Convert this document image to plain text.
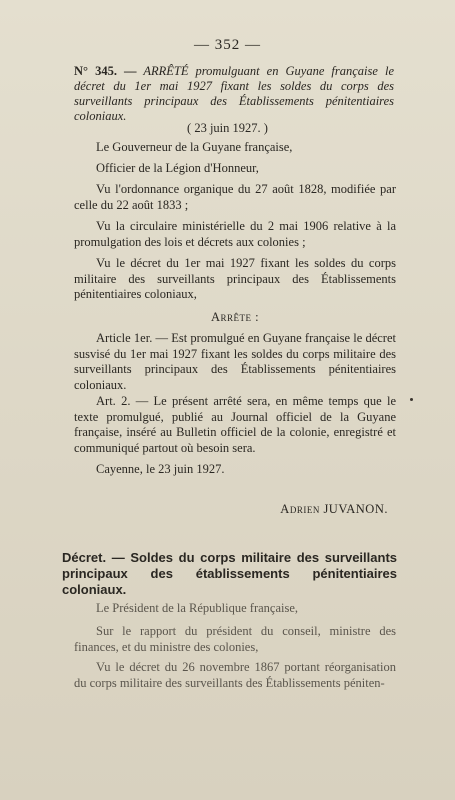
— 352 —
N° 345. — ARRÊTÉ promulguant en Guyane française le décret du 1er mai 1927 fixant les soldes du corps des surveillants principaux des Établissements pénitentiaires coloniaux.
( 23 juin 1927. )

Le Gouverneur de la Guyane française,

Officier de la Légion d'Honneur,

Vu l'ordonnance organique du 27 août 1828, modifiée par celle du 22 août 1833 ;

Vu la circulaire ministérielle du 2 mai 1906 relative à la promulgation des lois et décrets aux colonies ;

Vu le décret du 1er mai 1927 fixant les soldes du corps militaire des surveillants principaux des Établissements pénitentiaires coloniaux,

Arrête :

Article 1er. — Est promulgué en Guyane française le décret susvisé du 1er mai 1927 fixant les soldes du corps militaire des surveillants principaux des Établissements pénitentiaires coloniaux.

Art. 2. — Le présent arrêté sera, en même temps que le texte promulgué, publié au Journal officiel de la Guyane française, inséré au Bulletin officiel de la colonie, enregistré et communiqué partout où besoin sera.

Cayenne, le 23 juin 1927.

Adrien JUVANON.

Décret. — Soldes du corps militaire des surveillants principaux des établissements pénitentiaires coloniaux.

Le Président de la République française,

Sur le rapport du président du conseil, ministre des finances, et du ministre des colonies,

Vu le décret du 26 novembre 1867 portant réorganisation du corps militaire des surveillants des Établissements péniten-
